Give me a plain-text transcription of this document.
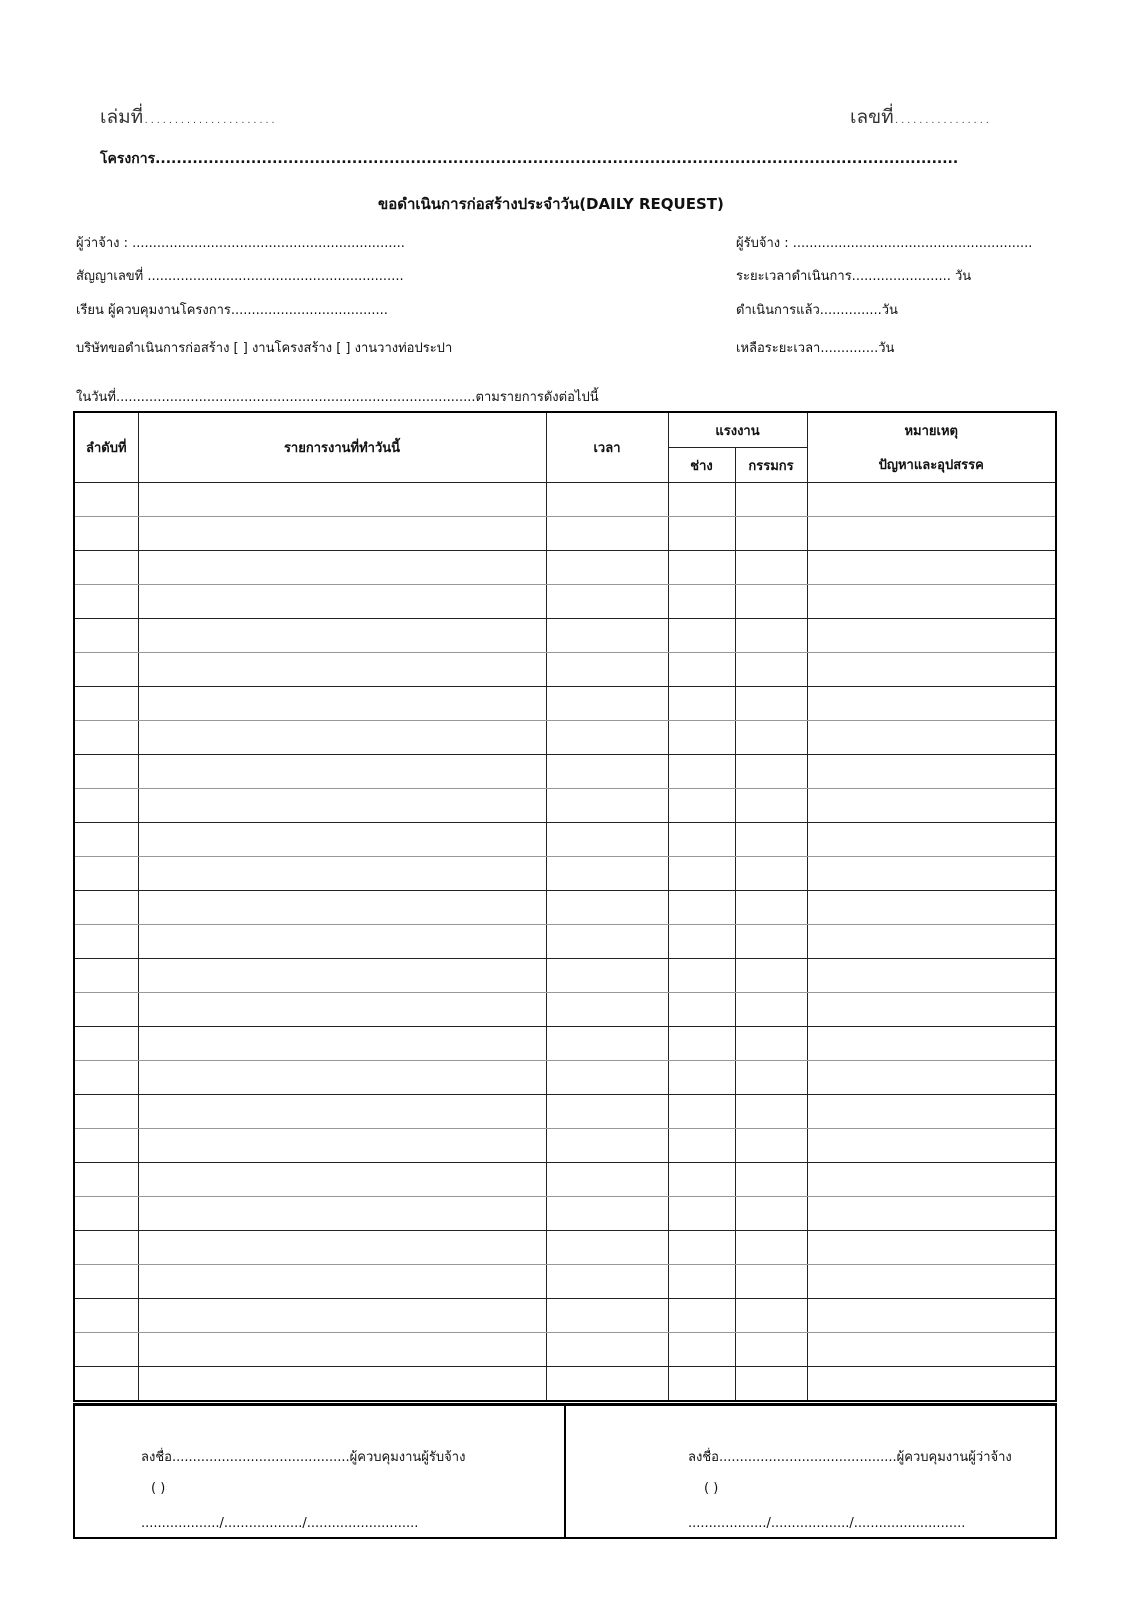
เล่มที่......................	เลขที่................
โครงการ.......................................................................................................................................................
ขอดำเนินการก่อสร้างประจำวัน(DAILY REQUEST)
ผู้ว่าจ้าง : ..................................................................
สัญญาเลขที่ ..............................................................
เรียน ผู้ควบคุมงานโครงการ......................................
บริษัทขอดำเนินการก่อสร้าง [ ] งานโครงสร้าง [ ] งานวางท่อประปา
ผู้รับจ้าง : ..........................................................
ระยะเวลาดำเนินการ........................ วัน
ดำเนินการแล้ว...............วัน
เหลือระยะเวลา..............วัน
ในวันที่.......................................................................................ตามรายการดังต่อไปนี้
ลำดับที่	รายการงานที่ทำวันนี้	เวลา	แรงงาน		หมายเหตุ
			ช่าง	กรรมกร	ปัญหาและอุปสรรค

ลงชื่อ...........................................ผู้ควบคุมงานผู้รับจ้าง
( )
.................../.................../...........................
ลงชื่อ...........................................ผู้ควบคุมงานผู้ว่าจ้าง
( )
.................../.................../...........................
